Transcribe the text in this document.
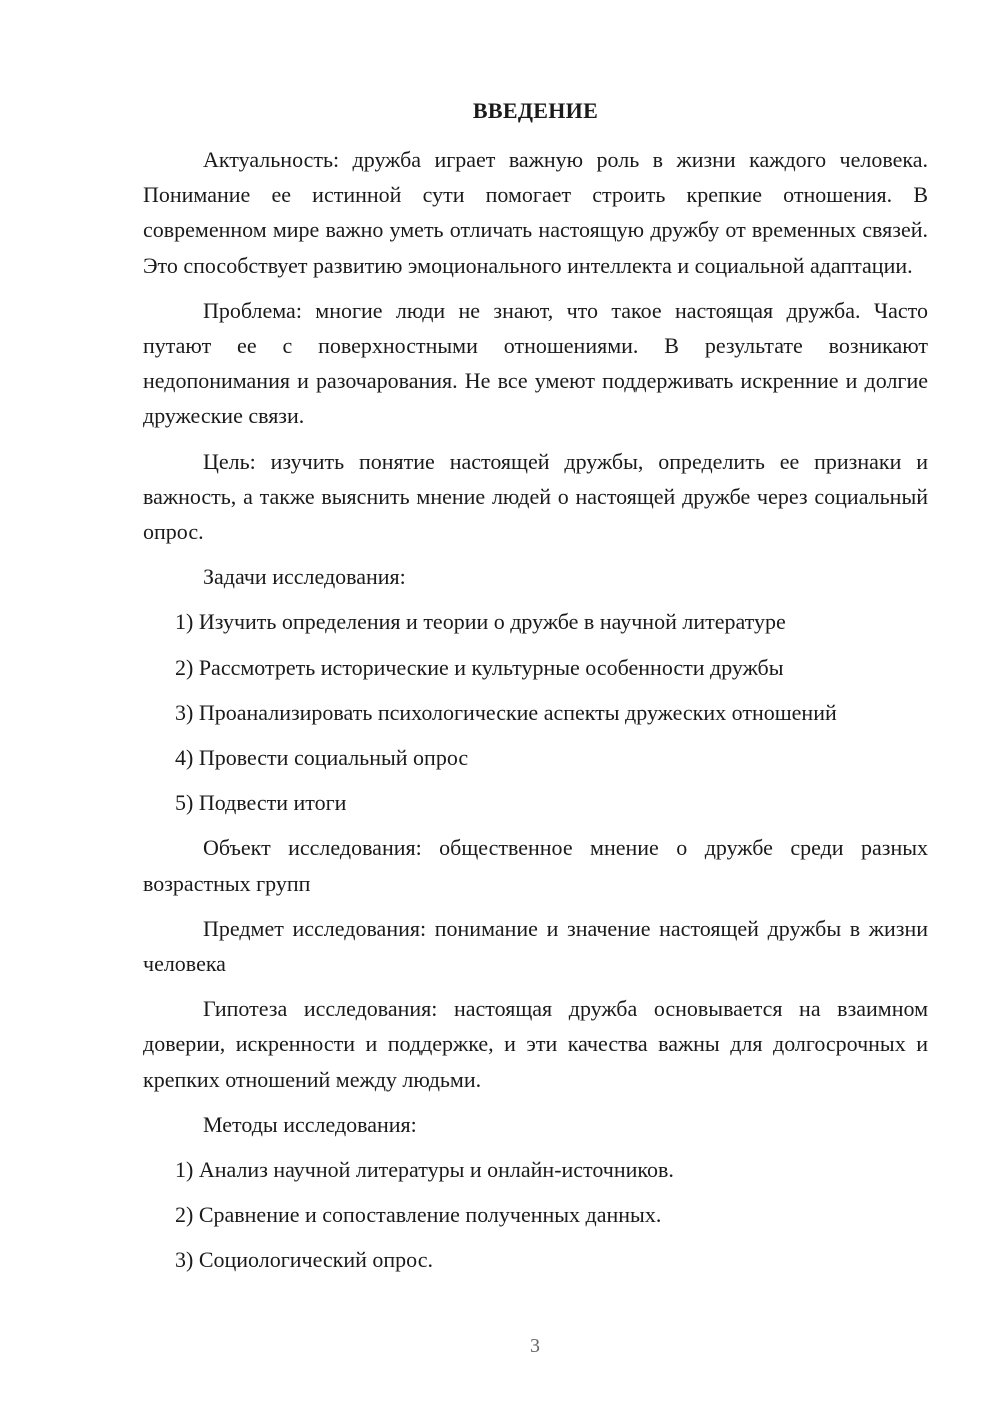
ВВЕДЕНИЕ

Актуальность: дружба играет важную роль в жизни каждого человека. Понимание ее истинной сути помогает строить крепкие отношения. В современном мире важно уметь отличать настоящую дружбу от временных связей. Это способствует развитию эмоционального интеллекта и социальной адаптации.

Проблема: многие люди не знают, что такое настоящая дружба. Часто путают ее с поверхностными отношениями. В результате возникают недопонимания и разочарования. Не все умеют поддерживать искренние и долгие дружеские связи.

Цель: изучить понятие настоящей дружбы, определить ее признаки и важность, а также выяснить мнение людей о настоящей дружбе через социальный опрос.

Задачи исследования:

1) Изучить определения и теории о дружбе в научной литературе
2) Рассмотреть исторические и культурные особенности дружбы
3) Проанализировать психологические аспекты дружеских отношений
4) Провести социальный опрос
5) Подвести итоги

Объект исследования: общественное мнение о дружбе среди разных возрастных групп

Предмет исследования: понимание и значение настоящей дружбы в жизни человека

Гипотеза исследования: настоящая дружба основывается на взаимном доверии, искренности и поддержке, и эти качества важны для долгосрочных и крепких отношений между людьми.

Методы исследования:

1) Анализ научной литературы и онлайн-источников.
2) Сравнение и сопоставление полученных данных.
3) Социологический опрос.
3
